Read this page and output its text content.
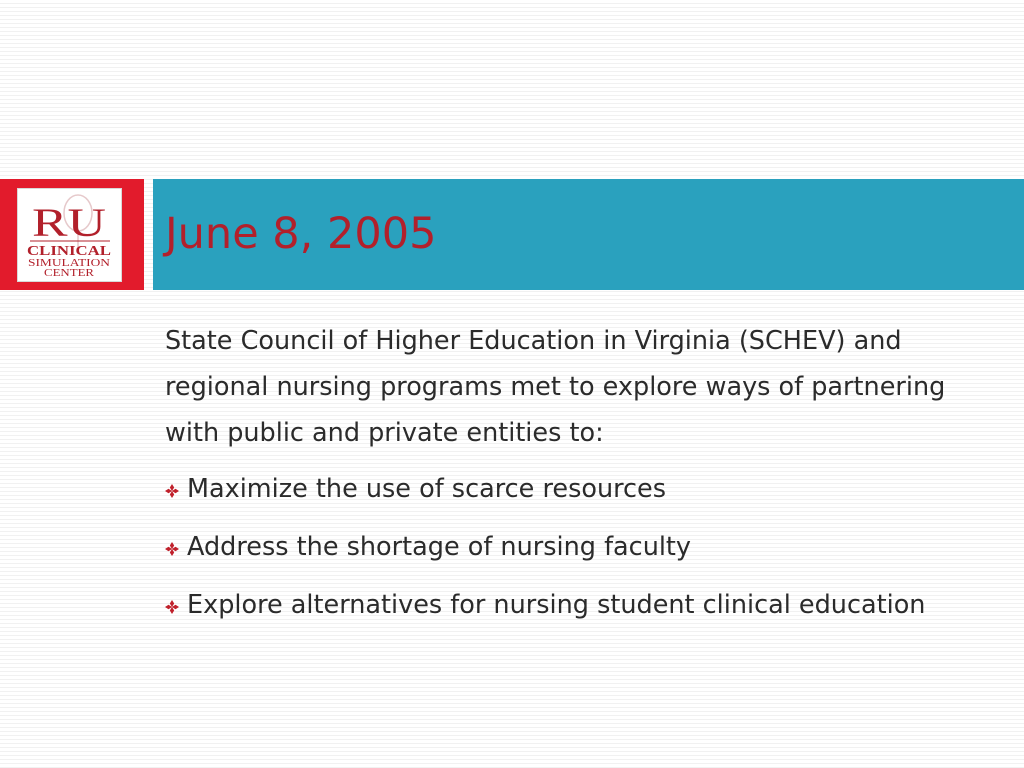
RU
CLINICAL
SIMULATION
CENTER
June 8, 2005

State Council of Higher Education in Virginia (SCHEV) and regional nursing programs met to explore ways of partnering with public and private entities to:

Maximize the use of scarce resources
Address the shortage of nursing faculty
Explore alternatives for nursing student clinical education
